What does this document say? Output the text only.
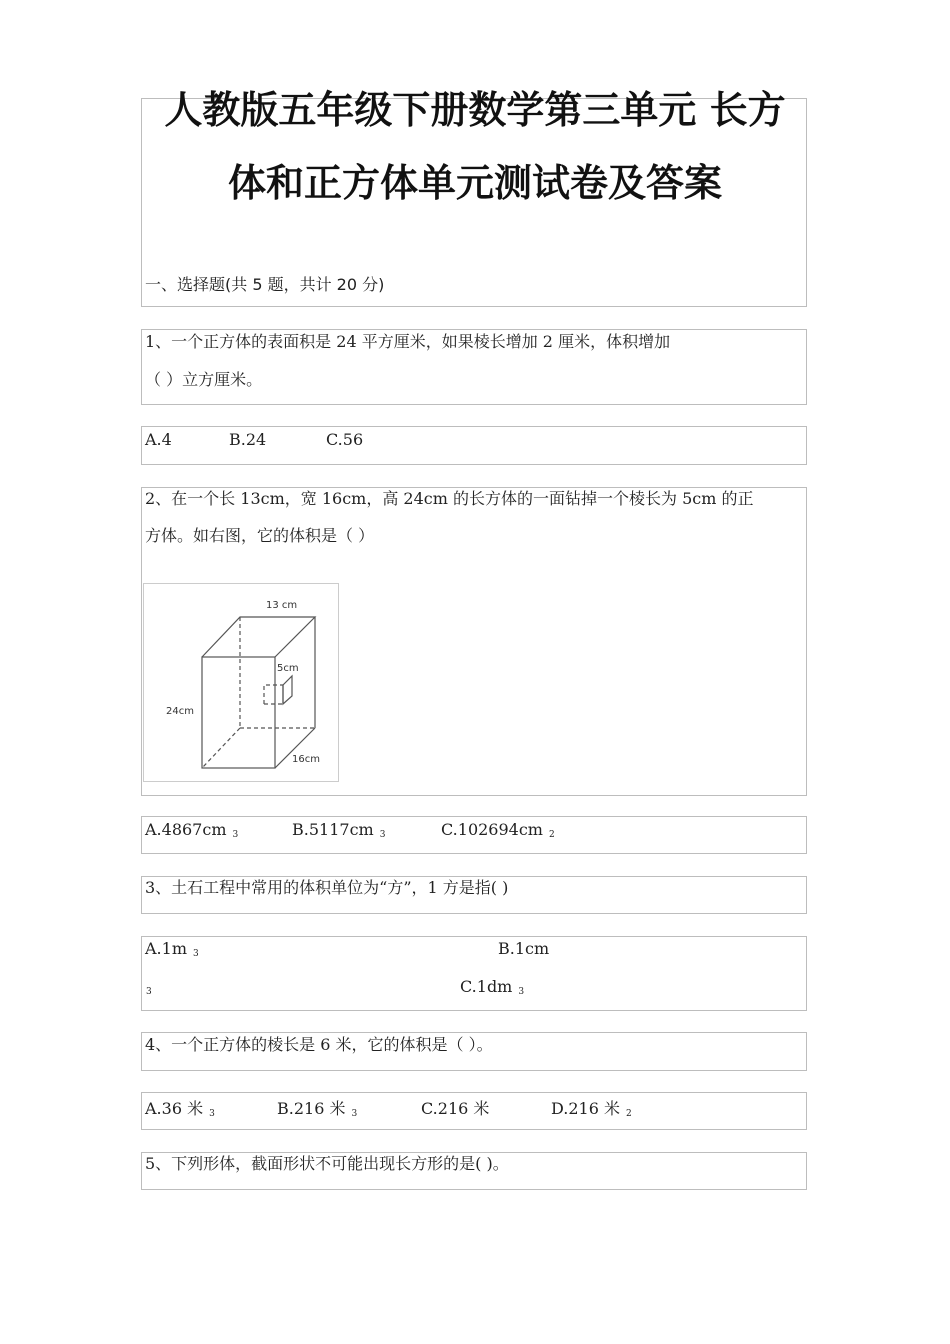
人教版五年级下册数学第三单元 长方
体和正方体单元测试卷及答案
一、选择题(共 5 题，共计 20 分)
1、一个正方体的表面积是 24 平方厘米，如果棱长增加 2 厘米，体积增加
（ ）立方厘米。
A.4	B.24	C.56
2、在一个长 13cm，宽 16cm，高 24cm 的长方体的一面钻掉一个棱长为 5cm 的正
方体。如右图，它的体积是（ ）
13 cm
5cm
24cm
16cm
A.4867cm $_3$	B.5117cm $_3$	C.102694cm $_2$
3、土石工程中常用的体积单位为“方”，1 方是指( )
A.1m $_3$	B.1cm
$_3$	C.1dm $_3$
4、一个正方体的棱长是 6 米，它的体积是（ ）。
A.36 米 $_3$	B.216 米 $_3$	C.216 米	D.216 米 $_2$
5、下列形体，截面形状不可能出现长方形的是( )。
